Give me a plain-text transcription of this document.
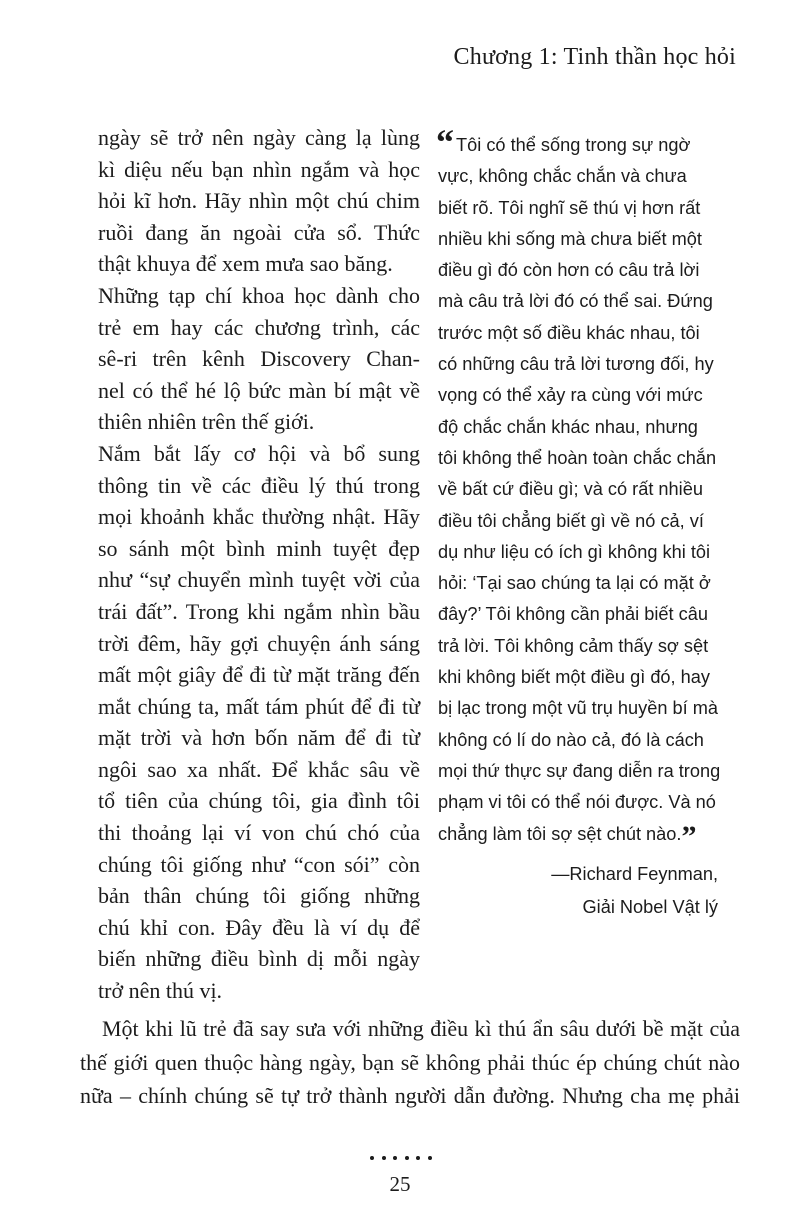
Chương 1: Tinh thần học hỏi
ngày sẽ trở nên ngày càng lạ lùng
kì diệu nếu bạn nhìn ngắm và học
hỏi kĩ hơn. Hãy nhìn một chú chim
ruồi đang ăn ngoài cửa sổ. Thức
thật khuya để xem mưa sao băng.
Những tạp chí khoa học dành cho
trẻ em hay các chương trình, các
sê-ri trên kênh Discovery Chan-
nel có thể hé lộ bức màn bí mật về
thiên nhiên trên thế giới.
Nắm bắt lấy cơ hội và bổ sung
thông tin về các điều lý thú trong
mọi khoảnh khắc thường nhật. Hãy
so sánh một bình minh tuyệt đẹp
như “sự chuyển mình tuyệt vời của
trái đất”. Trong khi ngắm nhìn bầu
trời đêm, hãy gợi chuyện ánh sáng
mất một giây để đi từ mặt trăng đến
mắt chúng ta, mất tám phút để đi từ
mặt trời và hơn bốn năm để đi từ
ngôi sao xa nhất. Để khắc sâu về
tổ tiên của chúng tôi, gia đình tôi
thi thoảng lại ví von chú chó của
chúng tôi giống như “con sói” còn
bản thân chúng tôi giống những
chú khỉ con. Đây đều là ví dụ để
biến những điều bình dị mỗi ngày
trở nên thú vị.
“ Tôi có thể sống trong sự ngờ
vực, không chắc chắn và chưa
biết rõ. Tôi nghĩ sẽ thú vị hơn rất
nhiều khi sống mà chưa biết một
điều gì đó còn hơn có câu trả lời
mà câu trả lời đó có thể sai. Đứng
trước một số điều khác nhau, tôi
có những câu trả lời tương đối, hy
vọng có thể xảy ra cùng với mức
độ chắc chắn khác nhau, nhưng
tôi không thể hoàn toàn chắc chắn
về bất cứ điều gì; và có rất nhiều
điều tôi chẳng biết gì về nó cả, ví
dụ như liệu có ích gì không khi tôi
hỏi: ‘Tại sao chúng ta lại có mặt ở
đây?’ Tôi không cần phải biết câu
trả lời. Tôi không cảm thấy sợ sệt
khi không biết một điều gì đó, hay
bị lạc trong một vũ trụ huyền bí mà
không có lí do nào cả, đó là cách
mọi thứ thực sự đang diễn ra trong
phạm vi tôi có thể nói được. Và nó
chẳng làm tôi sợ sệt chút nào.”
—Richard Feynman,
Giải Nobel Vật lý
Một khi lũ trẻ đã say sưa với những điều kì thú ẩn sâu dưới bề mặt của
thế giới quen thuộc hàng ngày, bạn sẽ không phải thúc ép chúng chút nào
nữa – chính chúng sẽ tự trở thành người dẫn đường. Nhưng cha mẹ phải
25
